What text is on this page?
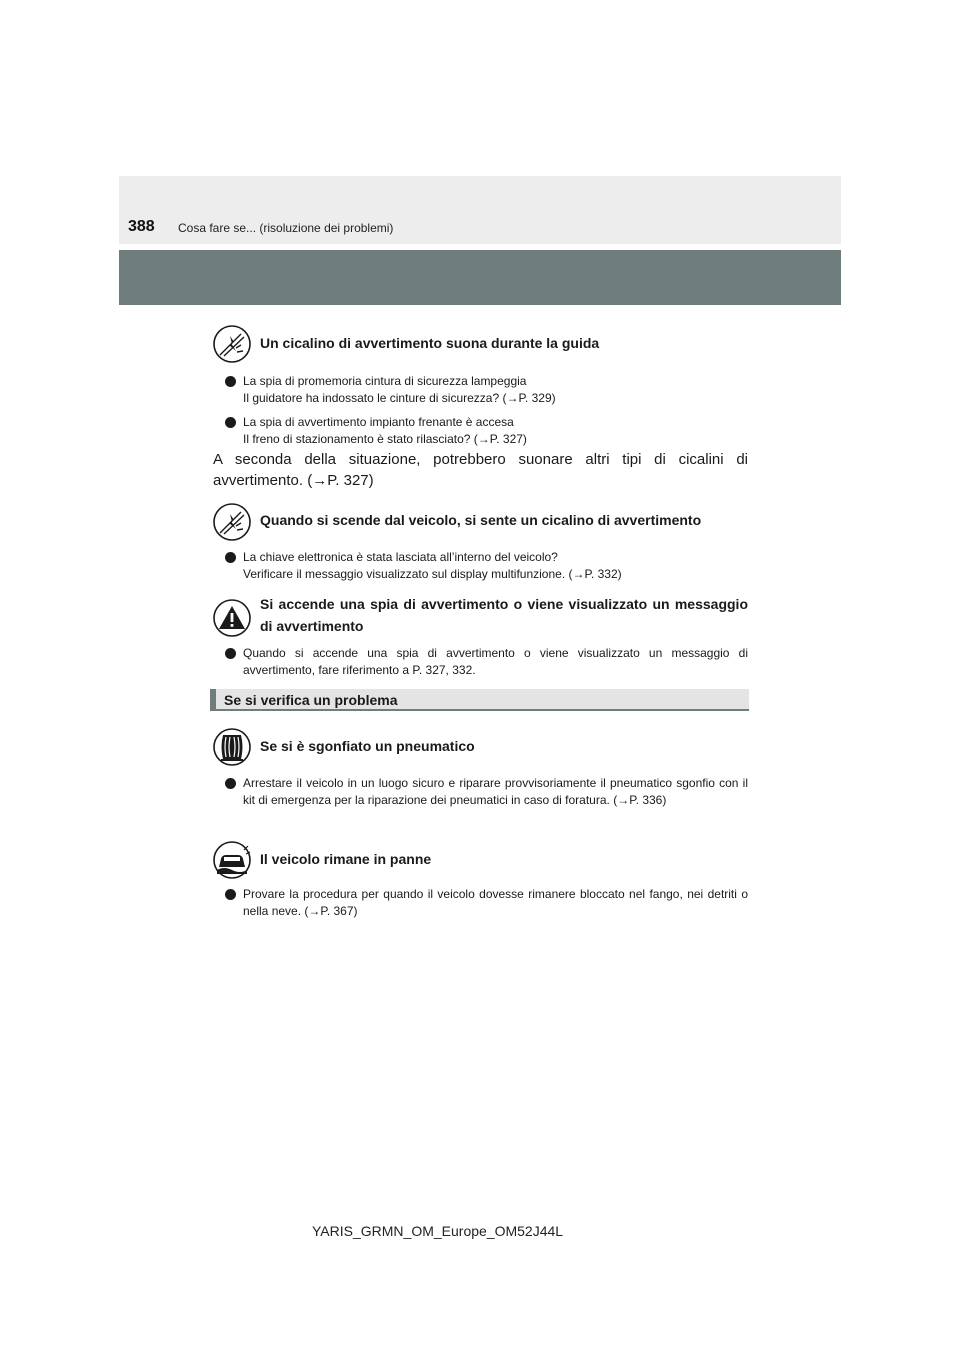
388 Cosa fare se... (risoluzione dei problemi)

Un cicalino di avvertimento suona durante la guida

La spia di promemoria cintura di sicurezza lampeggia
Il guidatore ha indossato le cinture di sicurezza? (→P. 329)
La spia di avvertimento impianto frenante è accesa
Il freno di stazionamento è stato rilasciato? (→P. 327)
A seconda della situazione, potrebbero suonare altri tipi di cicalini di avvertimento. (→P. 327)

Quando si scende dal veicolo, si sente un cicalino di avvertimento

La chiave elettronica è stata lasciata all’interno del veicolo?
Verificare il messaggio visualizzato sul display multifunzione. (→P. 332)

Si accende una spia di avvertimento o viene visualizzato un messaggio di avvertimento

Quando si accende una spia di avvertimento o viene visualizzato un messaggio di avvertimento, fare riferimento a P. 327, 332.
Se si verifica un problema

Se si è sgonfiato un pneumatico

Arrestare il veicolo in un luogo sicuro e riparare provvisoriamente il pneumatico sgonfio con il kit di emergenza per la riparazione dei pneumatici in caso di foratura. (→P. 336)

Il veicolo rimane in panne

Provare la procedura per quando il veicolo dovesse rimanere bloccato nel fango, nei detriti o nella neve. (→P. 367)
YARIS_GRMN_OM_Europe_OM52J44L
